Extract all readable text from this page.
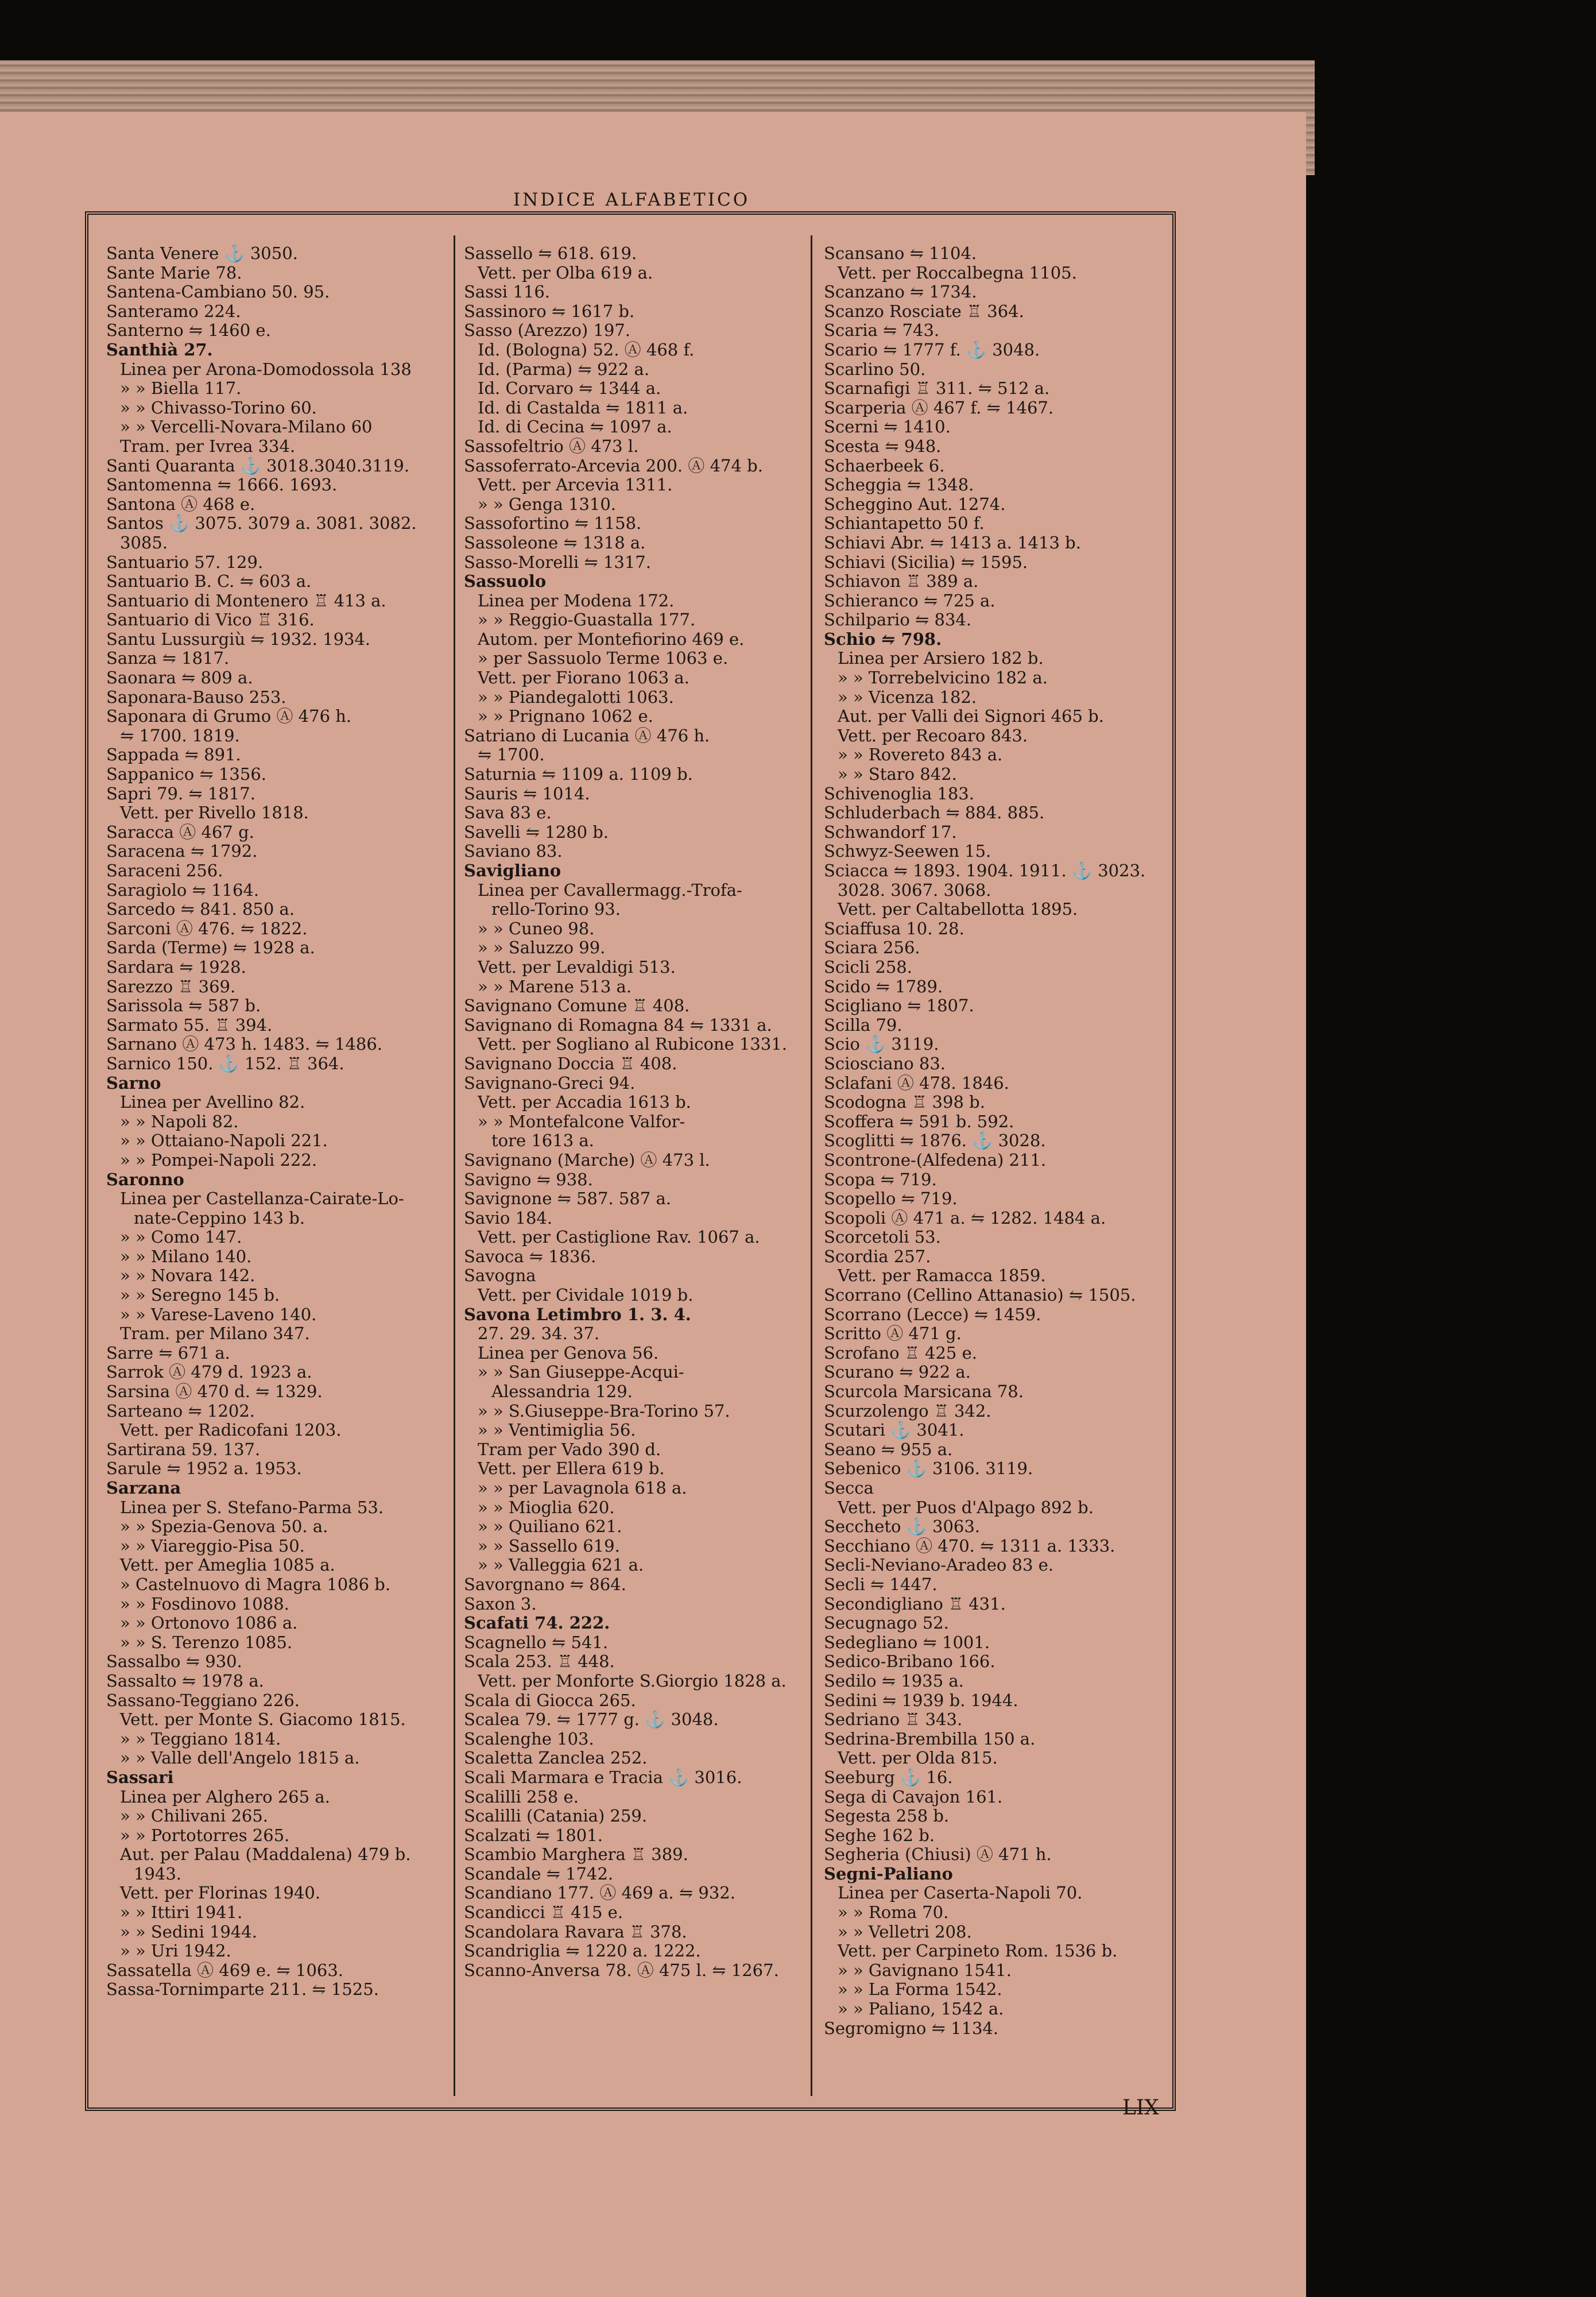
INDICE ALFABETICO
Santa Venere ⚓ 3050.
Sante Marie 78.
Santena-Cambiano 50. 95.
Santeramo 224.
Santerno ⇋ 1460 e.
Santhià 27.
Linea per Arona-Domodossola 138
» » Biella 117.
» » Chivasso-Torino 60.
» » Vercelli-Novara-Milano 60
Tram. per Ivrea 334.
Santi Quaranta ⚓ 3018.3040.3119.
Santomenna ⇋ 1666. 1693.
Santona Ⓐ 468 e.
Santos ⚓ 3075. 3079 a. 3081. 3082.
3085.
Santuario 57. 129.
Santuario B. C. ⇋ 603 a.
Santuario di Montenero ♖ 413 a.
Santuario di Vico ♖ 316.
Santu Lussurgiù ⇋ 1932. 1934.
Sanza ⇋ 1817.
Saonara ⇋ 809 a.
Saponara-Bauso 253.
Saponara di Grumo Ⓐ 476 h.
⇋ 1700. 1819.
Sappada ⇋ 891.
Sappanico ⇋ 1356.
Sapri 79. ⇋ 1817.
Vett. per Rivello 1818.
Saracca Ⓐ 467 g.
Saracena ⇋ 1792.
Saraceni 256.
Saragiolo ⇋ 1164.
Sarcedo ⇋ 841. 850 a.
Sarconi Ⓐ 476. ⇋ 1822.
Sarda (Terme) ⇋ 1928 a.
Sardara ⇋ 1928.
Sarezzo ♖ 369.
Sarissola ⇋ 587 b.
Sarmato 55. ♖ 394.
Sarnano Ⓐ 473 h. 1483. ⇋ 1486.
Sarnico 150. ⚓ 152. ♖ 364.
Sarno
Linea per Avellino 82.
» » Napoli 82.
» » Ottaiano-Napoli 221.
» » Pompei-Napoli 222.
Saronno
Linea per Castellanza-Cairate-Lo-
nate-Ceppino 143 b.
» » Como 147.
» » Milano 140.
» » Novara 142.
» » Seregno 145 b.
» » Varese-Laveno 140.
Tram. per Milano 347.
Sarre ⇋ 671 a.
Sarrok Ⓐ 479 d. 1923 a.
Sarsina Ⓐ 470 d. ⇋ 1329.
Sarteano ⇋ 1202.
Vett. per Radicofani 1203.
Sartirana 59. 137.
Sarule ⇋ 1952 a. 1953.
Sarzana
Linea per S. Stefano-Parma 53.
» » Spezia-Genova 50. a.
» » Viareggio-Pisa 50.
Vett. per Ameglia 1085 a.
» Castelnuovo di Magra 1086 b.
» » Fosdinovo 1088.
» » Ortonovo 1086 a.
» » S. Terenzo 1085.
Sassalbo ⇋ 930.
Sassalto ⇋ 1978 a.
Sassano-Teggiano 226.
Vett. per Monte S. Giacomo 1815.
» » Teggiano 1814.
» » Valle dell'Angelo 1815 a.
Sassari
Linea per Alghero 265 a.
» » Chilivani 265.
» » Portotorres 265.
Aut. per Palau (Maddalena) 479 b.
1943.
Vett. per Florinas 1940.
» » Ittiri 1941.
» » Sedini 1944.
» » Uri 1942.
Sassatella Ⓐ 469 e. ⇋ 1063.
Sassa-Tornimparte 211. ⇋ 1525.
Sassello ⇋ 618. 619.
Vett. per Olba 619 a.
Sassi 116.
Sassinoro ⇋ 1617 b.
Sasso (Arezzo) 197.
Id. (Bologna) 52. Ⓐ 468 f.
Id. (Parma) ⇋ 922 a.
Id. Corvaro ⇋ 1344 a.
Id. di Castalda ⇋ 1811 a.
Id. di Cecina ⇋ 1097 a.
Sassofeltrio Ⓐ 473 l.
Sassoferrato-Arcevia 200. Ⓐ 474 b.
Vett. per Arcevia 1311.
» » Genga 1310.
Sassofortino ⇋ 1158.
Sassoleone ⇋ 1318 a.
Sasso-Morelli ⇋ 1317.
Sassuolo
Linea per Modena 172.
» » Reggio-Guastalla 177.
Autom. per Montefiorino 469 e.
» per Sassuolo Terme 1063 e.
Vett. per Fiorano 1063 a.
» » Piandegalotti 1063.
» » Prignano 1062 e.
Satriano di Lucania Ⓐ 476 h.
⇋ 1700.
Saturnia ⇋ 1109 a. 1109 b.
Sauris ⇋ 1014.
Sava 83 e.
Savelli ⇋ 1280 b.
Saviano 83.
Savigliano
Linea per Cavallermagg.-Trofa-
rello-Torino 93.
» » Cuneo 98.
» » Saluzzo 99.
Vett. per Levaldigi 513.
» » Marene 513 a.
Savignano Comune ♖ 408.
Savignano di Romagna 84 ⇋ 1331 a.
Vett. per Sogliano al Rubicone 1331.
Savignano Doccia ♖ 408.
Savignano-Greci 94.
Vett. per Accadia 1613 b.
» » Montefalcone Valfor-
tore 1613 a.
Savignano (Marche) Ⓐ 473 l.
Savigno ⇋ 938.
Savignone ⇋ 587. 587 a.
Savio 184.
Vett. per Castiglione Rav. 1067 a.
Savoca ⇋ 1836.
Savogna
Vett. per Cividale 1019 b.
Savona Letimbro 1. 3. 4.
27. 29. 34. 37.
Linea per Genova 56.
» » San Giuseppe-Acqui-
Alessandria 129.
» » S.Giuseppe-Bra-Torino 57.
» » Ventimiglia 56.
Tram per Vado 390 d.
Vett. per Ellera 619 b.
» » per Lavagnola 618 a.
» » Mioglia 620.
» » Quiliano 621.
» » Sassello 619.
» » Valleggia 621 a.
Savorgnano ⇋ 864.
Saxon 3.
Scafati 74. 222.
Scagnello ⇋ 541.
Scala 253. ♖ 448.
Vett. per Monforte S.Giorgio 1828 a.
Scala di Giocca 265.
Scalea 79. ⇋ 1777 g. ⚓ 3048.
Scalenghe 103.
Scaletta Zanclea 252.
Scali Marmara e Tracia ⚓ 3016.
Scalilli 258 e.
Scalilli (Catania) 259.
Scalzati ⇋ 1801.
Scambio Marghera ♖ 389.
Scandale ⇋ 1742.
Scandiano 177. Ⓐ 469 a. ⇋ 932.
Scandicci ♖ 415 e.
Scandolara Ravara ♖ 378.
Scandriglia ⇋ 1220 a. 1222.
Scanno-Anversa 78. Ⓐ 475 l. ⇋ 1267.
Scansano ⇋ 1104.
Vett. per Roccalbegna 1105.
Scanzano ⇋ 1734.
Scanzo Rosciate ♖ 364.
Scaria ⇋ 743.
Scario ⇋ 1777 f. ⚓ 3048.
Scarlino 50.
Scarnafigi ♖ 311. ⇋ 512 a.
Scarperia Ⓐ 467 f. ⇋ 1467.
Scerni ⇋ 1410.
Scesta ⇋ 948.
Schaerbeek 6.
Scheggia ⇋ 1348.
Scheggino Aut. 1274.
Schiantapetto 50 f.
Schiavi Abr. ⇋ 1413 a. 1413 b.
Schiavi (Sicilia) ⇋ 1595.
Schiavon ♖ 389 a.
Schieranco ⇋ 725 a.
Schilpario ⇋ 834.
Schio ⇋ 798.
Linea per Arsiero 182 b.
» » Torrebelvicino 182 a.
» » Vicenza 182.
Aut. per Valli dei Signori 465 b.
Vett. per Recoaro 843.
» » Rovereto 843 a.
» » Staro 842.
Schivenoglia 183.
Schluderbach ⇋ 884. 885.
Schwandorf 17.
Schwyz-Seewen 15.
Sciacca ⇋ 1893. 1904. 1911. ⚓ 3023.
3028. 3067. 3068.
Vett. per Caltabellotta 1895.
Sciaffusa 10. 28.
Sciara 256.
Scicli 258.
Scido ⇋ 1789.
Scigliano ⇋ 1807.
Scilla 79.
Scio ⚓ 3119.
Sciosciano 83.
Sclafani Ⓐ 478. 1846.
Scodogna ♖ 398 b.
Scoffera ⇋ 591 b. 592.
Scoglitti ⇋ 1876. ⚓ 3028.
Scontrone-(Alfedena) 211.
Scopa ⇋ 719.
Scopello ⇋ 719.
Scopoli Ⓐ 471 a. ⇋ 1282. 1484 a.
Scorcetoli 53.
Scordia 257.
Vett. per Ramacca 1859.
Scorrano (Cellino Attanasio) ⇋ 1505.
Scorrano (Lecce) ⇋ 1459.
Scritto Ⓐ 471 g.
Scrofano ♖ 425 e.
Scurano ⇋ 922 a.
Scurcola Marsicana 78.
Scurzolengo ♖ 342.
Scutari ⚓ 3041.
Seano ⇋ 955 a.
Sebenico ⚓ 3106. 3119.
Secca
Vett. per Puos d'Alpago 892 b.
Seccheto ⚓ 3063.
Secchiano Ⓐ 470. ⇋ 1311 a. 1333.
Secli-Neviano-Aradeo 83 e.
Secli ⇋ 1447.
Secondigliano ♖ 431.
Secugnago 52.
Sedegliano ⇋ 1001.
Sedico-Bribano 166.
Sedilo ⇋ 1935 a.
Sedini ⇋ 1939 b. 1944.
Sedriano ♖ 343.
Sedrina-Brembilla 150 a.
Vett. per Olda 815.
Seeburg ⚓ 16.
Sega di Cavajon 161.
Segesta 258 b.
Seghe 162 b.
Segheria (Chiusi) Ⓐ 471 h.
Segni-Paliano
Linea per Caserta-Napoli 70.
» » Roma 70.
» » Velletri 208.
Vett. per Carpineto Rom. 1536 b.
» » Gavignano 1541.
» » La Forma 1542.
» » Paliano, 1542 a.
Segromigno ⇋ 1134.
LIX
